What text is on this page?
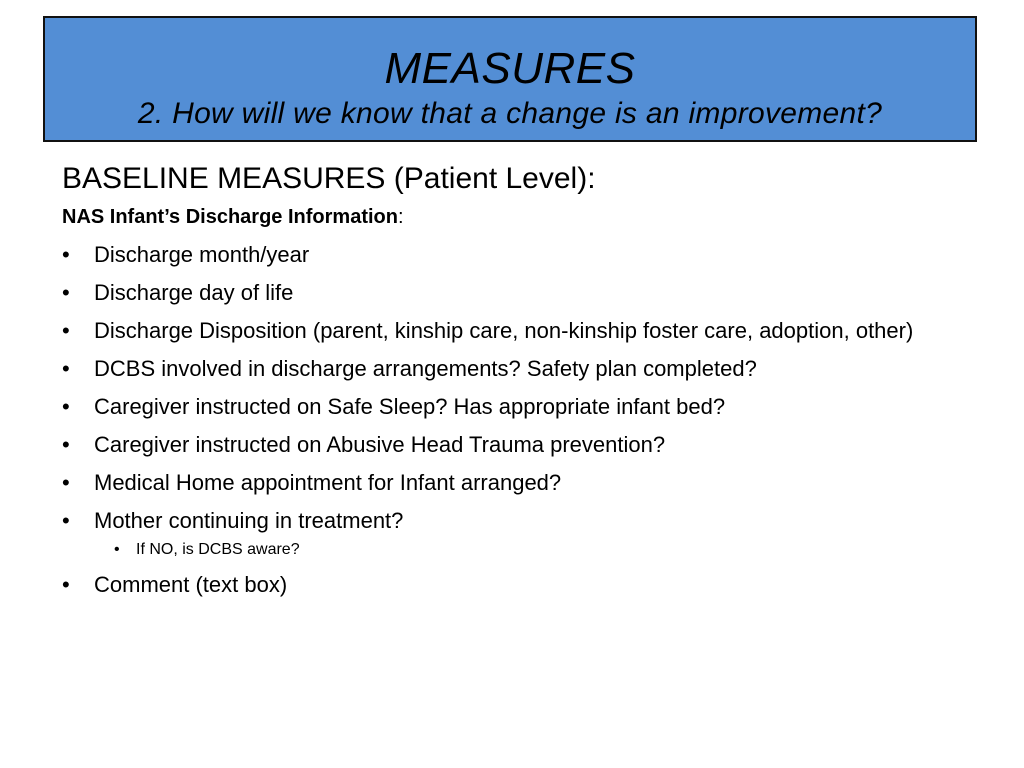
MEASURES
2. How will we know that a change is an improvement?
BASELINE MEASURES (Patient Level):
NAS Infant’s Discharge Information:
• Discharge month/year
• Discharge day of life
• Discharge Disposition (parent, kinship care, non-kinship foster care, adoption, other)
• DCBS involved in discharge arrangements? Safety plan completed?
• Caregiver instructed on Safe Sleep? Has appropriate infant bed?
• Caregiver instructed on Abusive Head Trauma prevention?
• Medical Home appointment for Infant arranged?
• Mother continuing in treatment?
• If NO, is DCBS aware?
• Comment (text box)
